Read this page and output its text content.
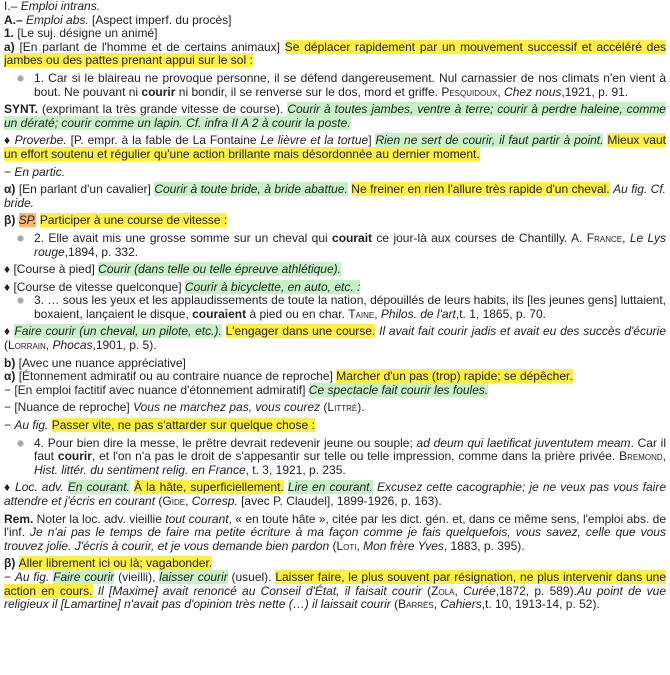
I.– Emploi intrans.
A.– Emploi abs. [Aspect imperf. du procès]
1. [Le suj. désigne un animé]
a) [En parlant de l'homme et de certains animaux] Se déplacer rapidement par un mouvement successif et accéléré des jambes ou des pattes prenant appui sur le sol :
1. Car si le blaireau ne provoque personne, il se défend dangereusement. Nul carnassier de nos climats n'en vient à bout. Ne pouvant ni courir ni bondir, il se renverse sur le dos, mord et griffe. Pesquidoux, Chez nous,1921, p. 91.
SYNT. (exprimant la très grande vitesse de course). Courir à toutes jambes, ventre à terre; courir à perdre haleine, comme un dératé; courir comme un lapin. Cf. infra II A 2 à courir la poste.
♦ Proverbe. [P. empr. à la fable de La Fontaine Le lièvre et la tortue] Rien ne sert de courir, il faut partir à point. Mieux vaut un effort soutenu et régulier qu'une action brillante mais désordonnée au dernier moment.
− En partic.
α) [En parlant d'un cavalier] Courir à toute bride, à bride abattue. Ne freiner en rien l'allure très rapide d'un cheval. Au fig. Cf. bride.
β) SP. Participer à une course de vitesse :
2. Elle avait mis une grosse somme sur un cheval qui courait ce jour-là aux courses de Chantilly. A. France, Le Lys rouge,1894, p. 332.
♦ [Course à pied] Courir (dans telle ou telle épreuve athlétique).
♦ [Course de vitesse quelconque] Courir à bicyclette, en auto, etc. :
3. … sous les yeux et les applaudissements de toute la nation, dépouillés de leurs habits, ils [les jeunes gens] luttaient, boxaient, lançaient le disque, couraient à pied ou en char. Taine, Philos. de l'art,t. 1, 1865, p. 70.
♦ Faire courir (un cheval, un pilote, etc.). L'engager dans une course. Il avait fait courir jadis et avait eu des succès d'écurie (Lorrain, Phocas,1901, p. 5).
b) [Avec une nuance appréciative]
α) [Étonnement admiratif ou au contraire nuance de reproche] Marcher d'un pas (trop) rapide; se dépêcher.
− [En emploi factitif avec nuance d'étonnement admiratif] Ce spectacle fait courir les foules.
− [Nuance de reproche] Vous ne marchez pas, vous courez (Littré).
− Au fig. Passer vite, ne pas s'attarder sur quelque chose :
4. Pour bien dire la messe, le prêtre devrait redevenir jeune ou souple; ad deum qui laetificat juventutem meam. Car il faut courir, et l'on n'a pas le droit de s'appesantir sur telle ou telle impression, comme dans la prière privée. Bremond, Hist. littér. du sentiment relig. en France, t. 3, 1921, p. 235.
♦ Loc. adv. En courant. À la hâte, superficiellement. Lire en courant. Excusez cette cacographie; je ne veux pas vous faire attendre et j'écris en courant (Gide, Corresp. [avec P. Claudel], 1899-1926, p. 163).
Rem. Noter la loc. adv. vieillie tout courant, « en toute hâte », citée par les dict. gén. et, dans ce même sens, l'emploi abs. de l'inf. Je n'ai pas le temps de faire ma petite écriture à ma façon comme je fais quelquefois, vous savez, celle que vous trouvez jolie. J'écris à courir, et je vous demande bien pardon (Loti, Mon frère Yves, 1883, p. 395).
β) Aller librement ici ou là; vagabonder.
− Au fig. Faire courir (vieilli), laisser courir (usuel). Laisser faire, le plus souvent par résignation, ne plus intervenir dans une action en cours. Il [Maxime] avait renoncé au Conseil d'État, il faisait courir (Zola, Curée,1872, p. 589).Au point de vue religieux il [Lamartine] n'avait pas d'opinion très nette (…) il laissait courir (Barrès, Cahiers,t. 10, 1913-14, p. 52).
